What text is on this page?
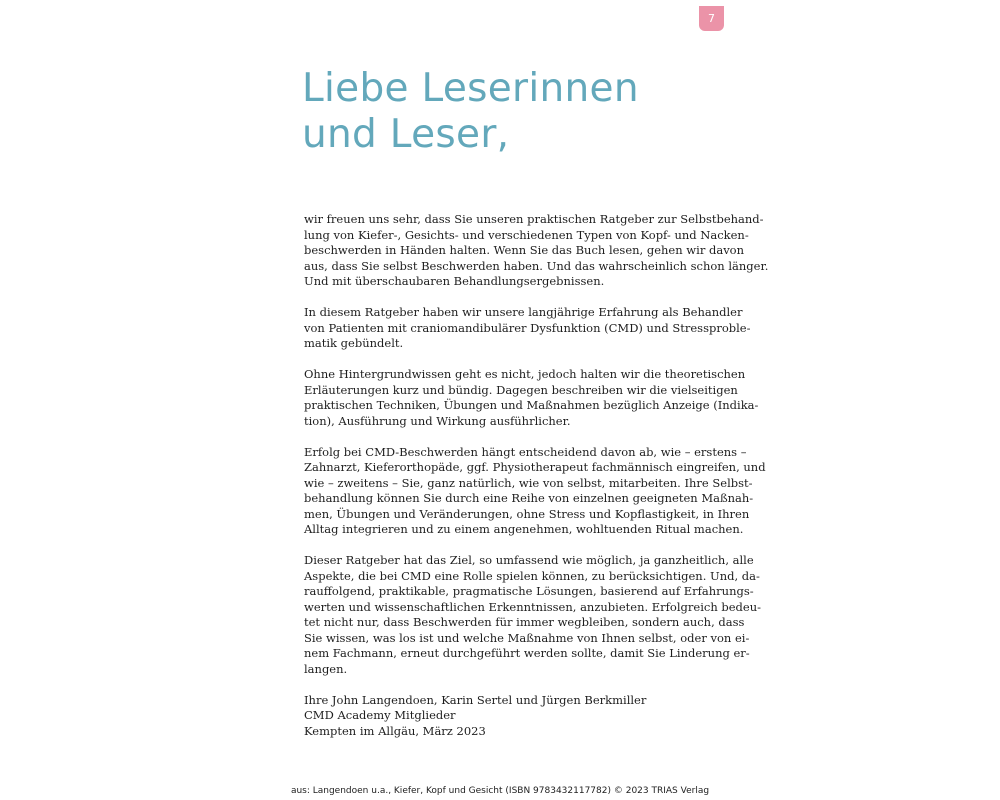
7
Liebe Leserinnen
und Leser,

wir freuen uns sehr, dass Sie unseren praktischen Ratgeber zur Selbstbehand-
lung von Kiefer-, Gesichts- und verschiedenen Typen von Kopf- und Nacken-
beschwerden in Händen halten. Wenn Sie das Buch lesen, gehen wir davon
aus, dass Sie selbst Beschwerden haben. Und das wahrscheinlich schon länger.
Und mit überschaubaren Behandlungsergebnissen.

In diesem Ratgeber haben wir unsere langjährige Erfahrung als Behandler
von Patienten mit craniomandibulärer Dysfunktion (CMD) und Stressproble-
matik gebündelt.

Ohne Hintergrundwissen geht es nicht, jedoch halten wir die theoretischen
Erläuterungen kurz und bündig. Dagegen beschreiben wir die vielseitigen
praktischen Techniken, Übungen und Maßnahmen bezüglich Anzeige (Indika-
tion), Ausführung und Wirkung ausführlicher.

Erfolg bei CMD-Beschwerden hängt entscheidend davon ab, wie – erstens –
Zahnarzt, Kieferorthopäde, ggf. Physiotherapeut fachmännisch eingreifen, und
wie – zweitens – Sie, ganz natürlich, wie von selbst, mitarbeiten. Ihre Selbst-
behandlung können Sie durch eine Reihe von einzelnen geeigneten Maßnah-
men, Übungen und Veränderungen, ohne Stress und Kopflastigkeit, in Ihren
Alltag integrieren und zu einem angenehmen, wohltuenden Ritual machen.

Dieser Ratgeber hat das Ziel, so umfassend wie möglich, ja ganzheitlich, alle
Aspekte, die bei CMD eine Rolle spielen können, zu berücksichtigen. Und, da-
rauffolgend, praktikable, pragmatische Lösungen, basierend auf Erfahrungs-
werten und wissenschaftlichen Erkenntnissen, anzubieten. Erfolgreich bedeu-
tet nicht nur, dass Beschwerden für immer wegbleiben, sondern auch, dass
Sie wissen, was los ist und welche Maßnahme von Ihnen selbst, oder von ei-
nem Fachmann, erneut durchgeführt werden sollte, damit Sie Linderung er-
langen.

Ihre John Langendoen, Karin Sertel und Jürgen Berkmiller
CMD Academy Mitglieder
Kempten im Allgäu, März 2023

aus: Langendoen u.a., Kiefer, Kopf und Gesicht (ISBN 9783432117782) © 2023 TRIAS Verlag
